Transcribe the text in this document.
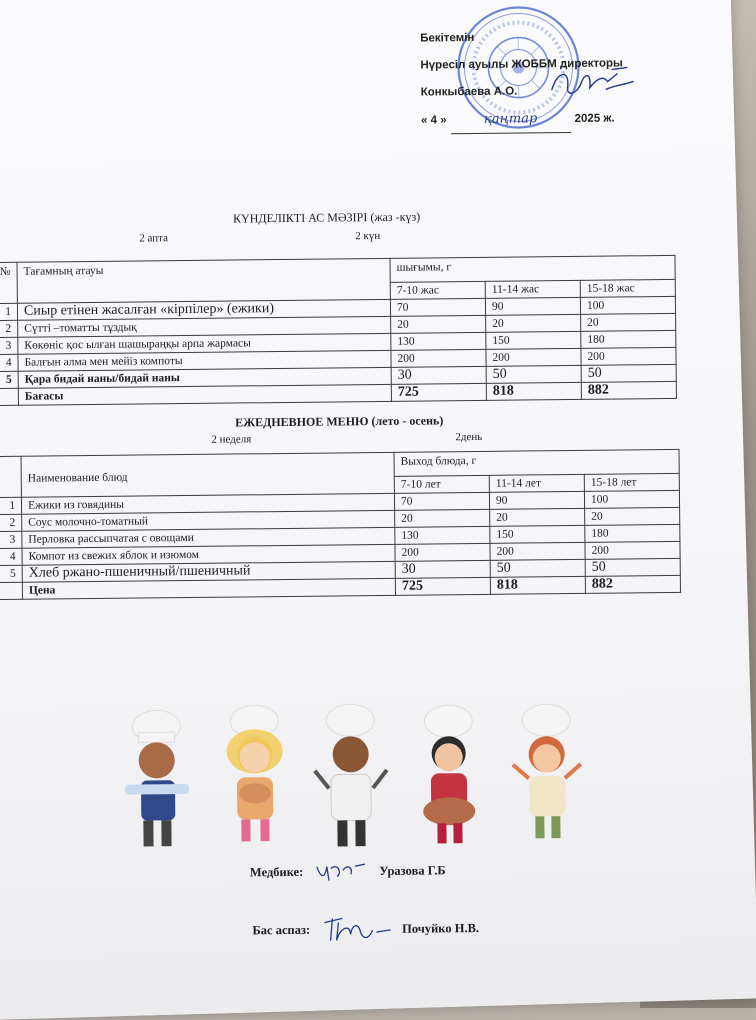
Бекітемін
Нүресіл ауылы ЖОББМ директоры
Конкыбаева А.О.
« 4 »	қаңтар	2025 ж.
КҮНДЕЛІКТІ АС МӘЗІРІ (жаз -күз)
2 апта	2 күн
№	Тағамның атауы	шығымы, г		
		7-10 жас	11-14 жас	15-18 жас
1	Сиыр етінен жасалған «кірпілер» (ежики)	70	90	100
2	Сүтті –томатты тұздық	20	20	20
3	Көкөніс қос ылған шашыраңқы арпа жармасы	130	150	180
4	Балғын алма мен мейіз компоты	200	200	200
5	Қара бидай наны/бидай наны	30	50	50
	Бағасы	725	818	882
ЕЖЕДНЕВНОЕ МЕНЮ (лето - осень)
2 неделя	2день
	Наименование блюд	Выход блюда, г		
		7-10 лет	11-14 лет	15-18 лет
1	Ежики из говядины	70	90	100
2	Соус молочно-томатный	20	20	20
3	Перловка рассыпчатая с овощами	130	150	180
4	Компот из свежих яблок и изюмом	200	200	200
5	Хлеб ржано-пшеничный/пшеничный	30	50	50
	Цена	725	818	882
Медбике:	Уразова Г.Б
Бас аспаз:	Почуйко Н.В.
